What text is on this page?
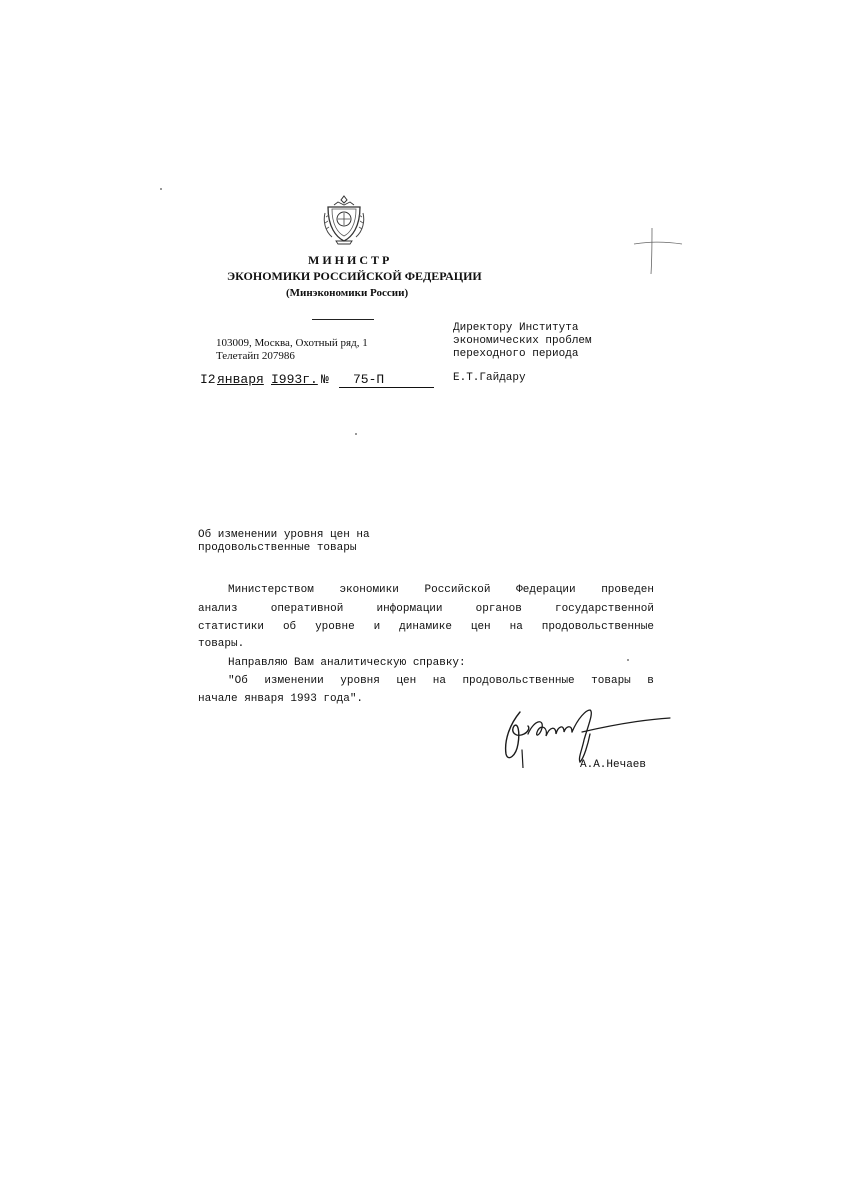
МИНИСТР
ЭКОНОМИКИ РОССИЙСКОЙ ФЕДЕРАЦИИ
(Минэкономики России)
103009, Москва, Охотный ряд, 1
Телетайп 207986
I2 января I993г. № 75-П
Директору Института
экономических проблем
переходного периода
Е.Т.Гайдару
Об изменении уровня цен на
продовольственные товары
Министерством экономики Российской Федерации проведен
анализ	оперативной	информации	органов	государственной
статистики об уровне и динамике цен на продовольственные
товары.
Направляю Вам аналитическую справку:
"Об изменении уровня цен на продовольственные товары в
начале января 1993 года".
А.А.Нечаев
